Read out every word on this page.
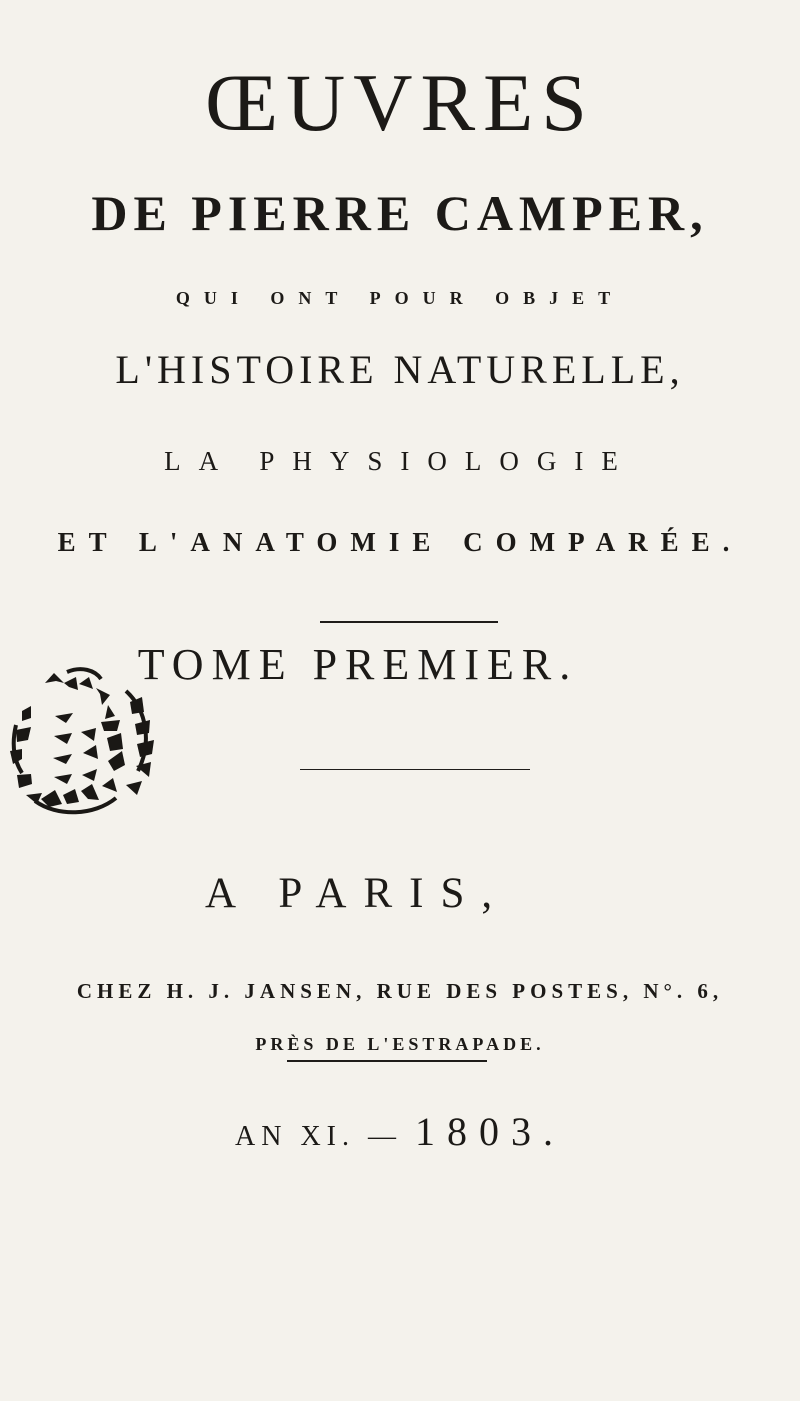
ŒUVRES
DE PIERRE CAMPER,
QUI ONT POUR OBJET
L'HISTOIRE NATURELLE,
LA PHYSIOLOGIE
ET L'ANATOMIE COMPARÉE.
TOME PREMIER.
A PARIS,
CHEZ H. J. JANSEN, RUE DES POSTES, N°. 6,
PRÈS DE L'ESTRAPADE.
AN XI. — 1803.
